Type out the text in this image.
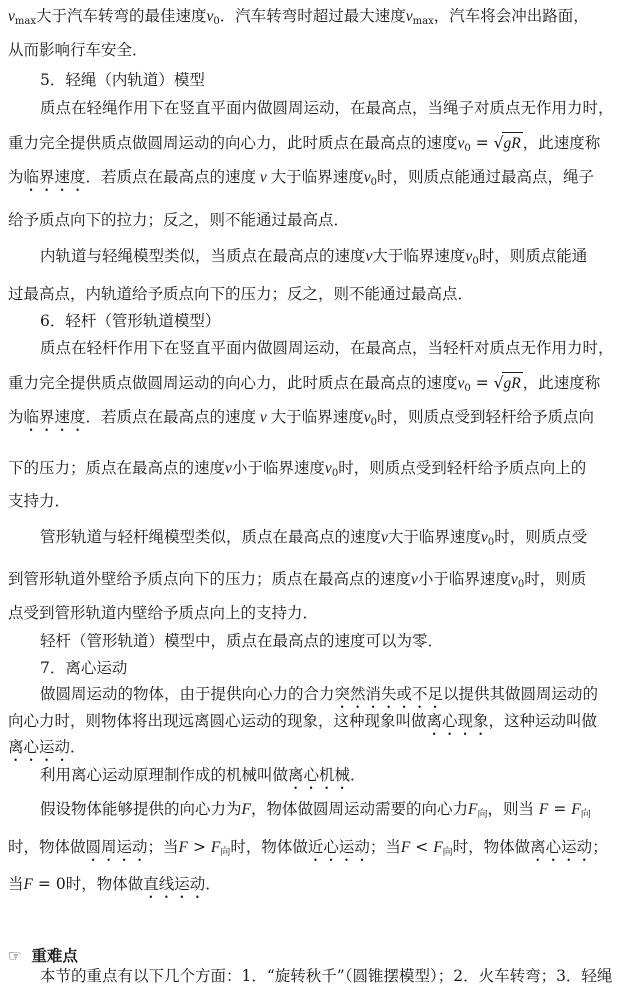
$v_{max}$大于汽车转弯的最佳速度$v_0$．汽车转弯时超过最大速度$v_{max}$，汽车将会冲出路面，
从而影响行车安全．
5．轻绳（内轨道）模型
质点在轻绳作用下在竖直平面内做圆周运动，在最高点，当绳子对质点无作用力时，
重力完全提供质点做圆周运动的向心力，此时质点在最高点的速度$v_0 = √gR$ ，此速度称
为临界速度．若质点在最高点的速度 v 大于临界速度$v_0$时，则质点能通过最高点，绳子
给予质点向下的拉力；反之，则不能通过最高点．
内轨道与轻绳模型类似，当质点在最高点的速度v大于临界速度$v_0$时，则质点能通
过最高点，内轨道给予质点向下的压力；反之，则不能通过最高点．
6．轻杆（管形轨道模型）
质点在轻杆作用下在竖直平面内做圆周运动，在最高点，当轻杆对质点无作用力时，
重力完全提供质点做圆周运动的向心力，此时质点在最高点的速度$v_0 = √gR$ ，此速度称
为临界速度．若质点在最高点的速度 v 大于临界速度$v_0$时，则质点受到轻杆给予质点向
下的压力；质点在最高点的速度v小于临界速度$v_0$时，则质点受到轻杆给予质点向上的
支持力．
管形轨道与轻杆绳模型类似，质点在最高点的速度v大于临界速度$v_0$时，则质点受
到管形轨道外壁给予质点向下的压力；质点在最高点的速度v小于临界速度$v_0$时，则质
点受到管形轨道内壁给予质点向上的支持力．
轻杆（管形轨道）模型中，质点在最高点的速度可以为零．
7．离心运动
做圆周运动的物体，由于提供向心力的合力突然消失或不足以提供其做圆周运动的
向心力时，则物体将出现远离圆心运动的现象，这种现象叫做离心现象，这种运动叫做
离心运动．
利用离心运动原理制作成的机械叫做离心机械．
假设物体能够提供的向心力为F，物体做圆周运动需要的向心力$F_向$，则当 $F = F_向$
时，物体做圆周运动；当$F > F_向$时，物体做近心运动；当$F < F_向$时，物体做离心运动；
当F = 0时，物体做直线运动．
☞ 重难点
本节的重点有以下几个方面：1．“旋转秋千”（圆锥摆模型）；2．火车转弯；3．轻绳
